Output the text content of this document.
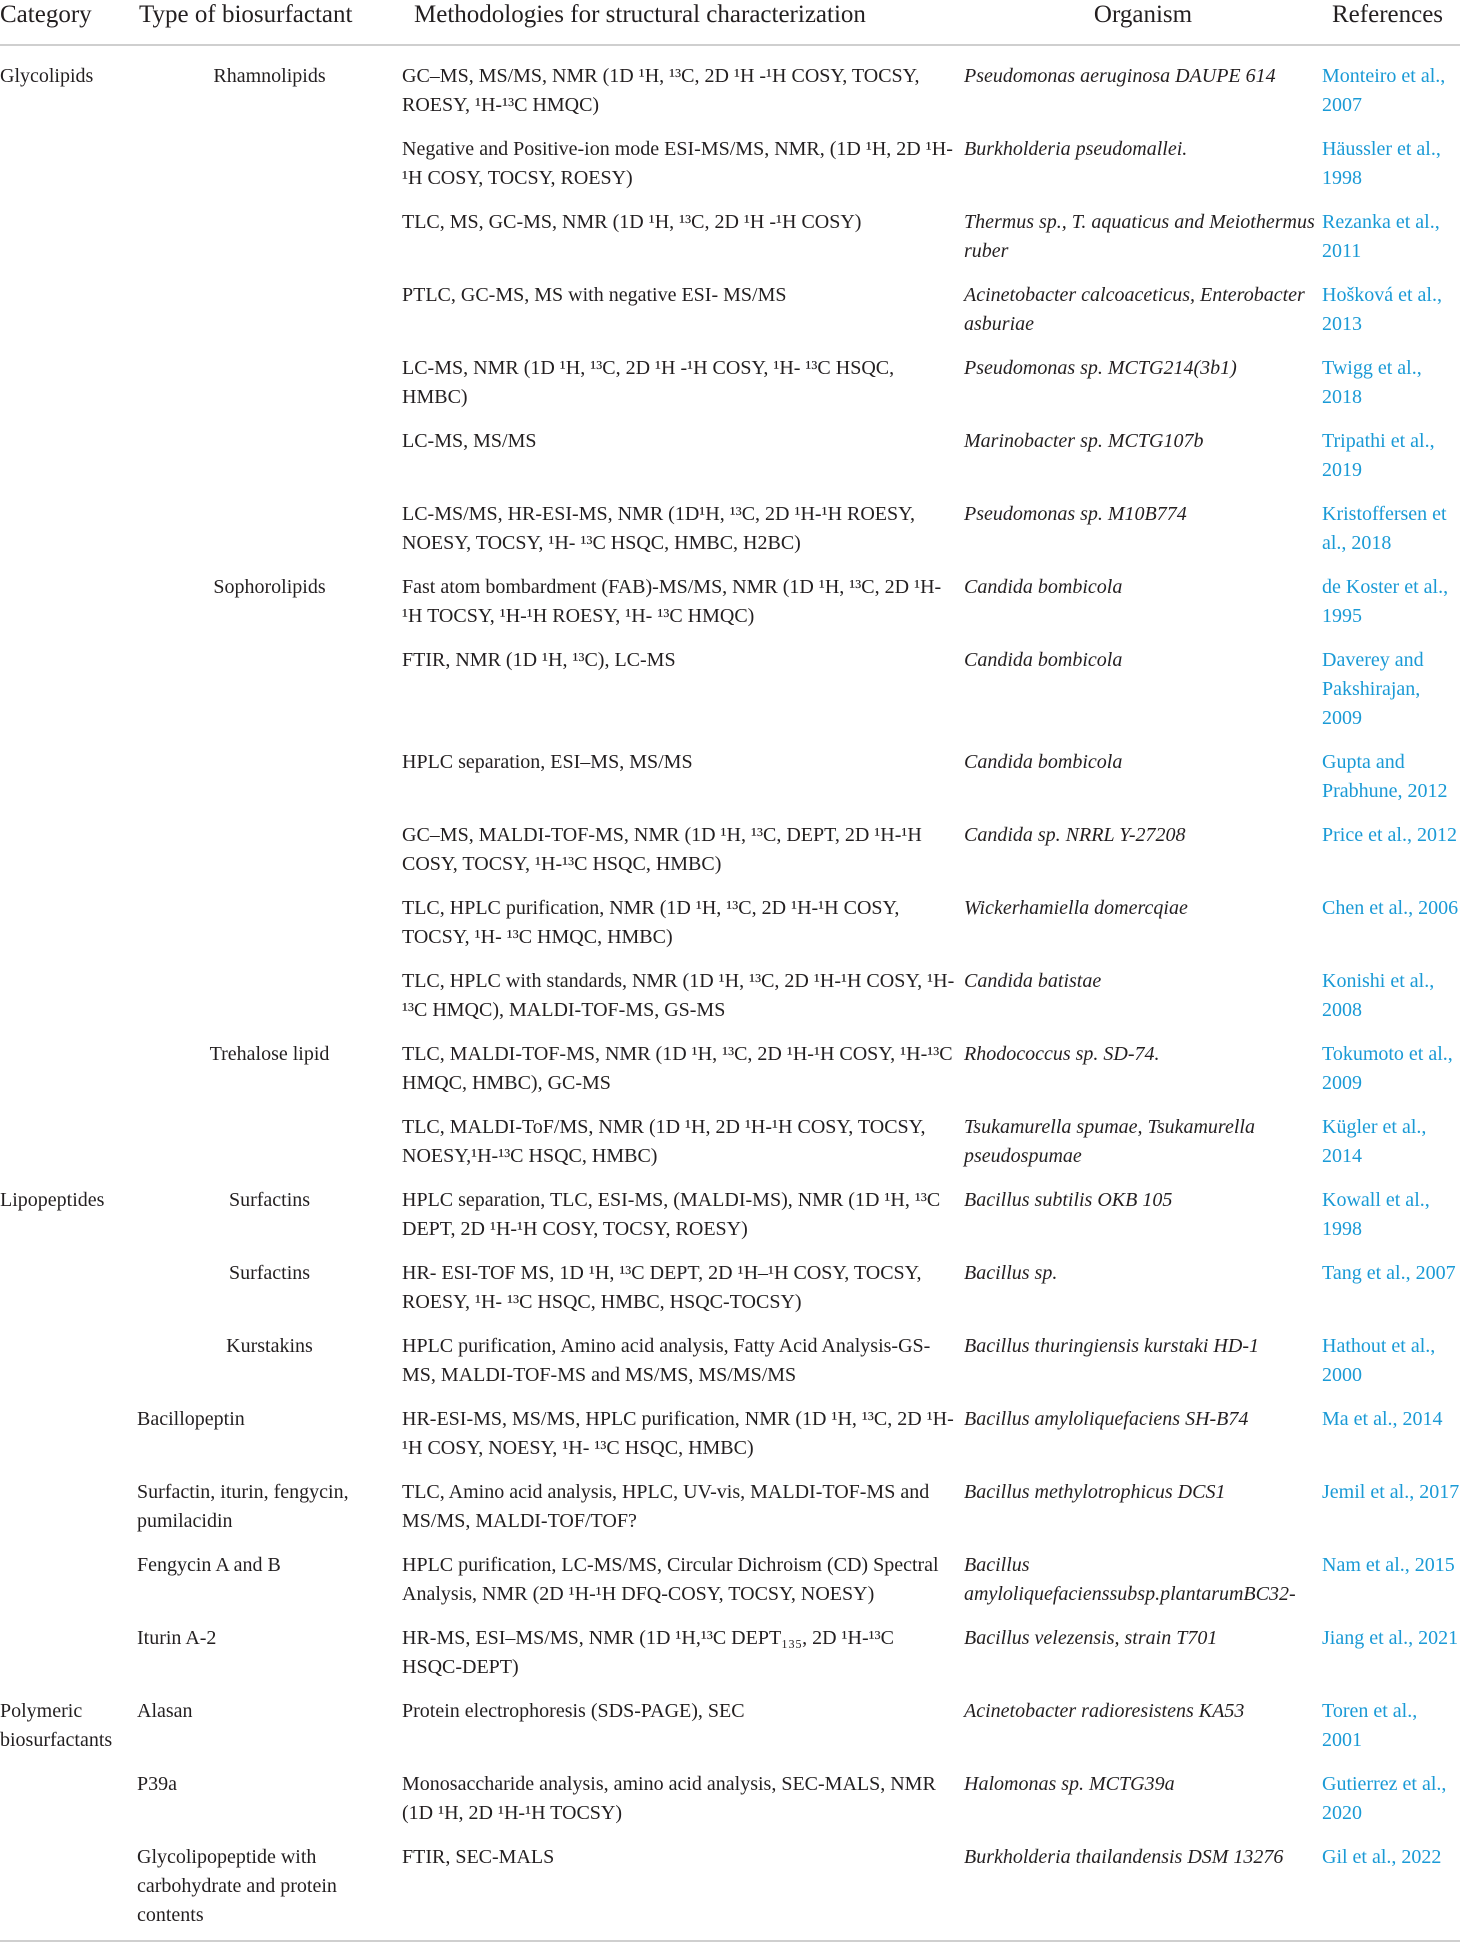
Category	Type of biosurfactant	Methodologies for structural characterization	Organism	References
Glycolipids	Rhamnolipids	GC–MS, MS/MS, NMR (1D ¹H, ¹³C, 2D ¹H -¹H COSY, TOCSY, ROESY, ¹H-¹³C HMQC)	Pseudomonas aeruginosa DAUPE 614	Monteiro et al., 2007
		Negative and Positive-ion mode ESI-MS/MS, NMR, (1D ¹H, 2D ¹H- ¹H COSY, TOCSY, ROESY)	Burkholderia pseudomallei.	Häussler et al., 1998
		TLC, MS, GC-MS, NMR (1D ¹H, ¹³C, 2D ¹H -¹H COSY)	Thermus sp., T. aquaticus and Meiothermus ruber	Rezanka et al., 2011
		PTLC, GC-MS, MS with negative ESI- MS/MS	Acinetobacter calcoaceticus, Enterobacter asburiae	Hošková et al., 2013
		LC-MS, NMR (1D ¹H, ¹³C, 2D ¹H -¹H COSY, ¹H- ¹³C HSQC, HMBC)	Pseudomonas sp. MCTG214(3b1)	Twigg et al., 2018
		LC-MS, MS/MS	Marinobacter sp. MCTG107b	Tripathi et al., 2019
		LC-MS/MS, HR-ESI-MS, NMR (1D¹H, ¹³C, 2D ¹H-¹H ROESY, NOESY, TOCSY, ¹H- ¹³C HSQC, HMBC, H2BC)	Pseudomonas sp. M10B774	Kristoffersen et al., 2018
	Sophorolipids	Fast atom bombardment (FAB)-MS/MS, NMR (1D ¹H, ¹³C, 2D ¹H-¹H TOCSY, ¹H-¹H ROESY, ¹H- ¹³C HMQC)	Candida bombicola	de Koster et al., 1995
		FTIR, NMR (1D ¹H, ¹³C), LC-MS	Candida bombicola	Daverey and Pakshirajan, 2009
		HPLC separation, ESI–MS, MS/MS	Candida bombicola	Gupta and Prabhune, 2012
		GC–MS, MALDI-TOF-MS, NMR (1D ¹H, ¹³C, DEPT, 2D ¹H-¹H COSY, TOCSY, ¹H-¹³C HSQC, HMBC)	Candida sp. NRRL Y-27208	Price et al., 2012
		TLC, HPLC purification, NMR (1D ¹H, ¹³C, 2D ¹H-¹H COSY, TOCSY, ¹H- ¹³C HMQC, HMBC)	Wickerhamiella domercqiae	Chen et al., 2006
		TLC, HPLC with standards, NMR (1D ¹H, ¹³C, 2D ¹H-¹H COSY, ¹H- ¹³C HMQC), MALDI-TOF-MS, GS-MS	Candida batistae	Konishi et al., 2008
	Trehalose lipid	TLC, MALDI-TOF-MS, NMR (1D ¹H, ¹³C, 2D ¹H-¹H COSY, ¹H-¹³C HMQC, HMBC), GC-MS	Rhodococcus sp. SD-74.	Tokumoto et al., 2009
		TLC, MALDI-ToF/MS, NMR (1D ¹H, 2D ¹H-¹H COSY, TOCSY, NOESY,¹H-¹³C HSQC, HMBC)	Tsukamurella spumae, Tsukamurella pseudospumae	Kügler et al., 2014
Lipopeptides	Surfactins	HPLC separation, TLC, ESI-MS, (MALDI-MS), NMR (1D ¹H, ¹³C DEPT, 2D ¹H-¹H COSY, TOCSY, ROESY)	Bacillus subtilis OKB 105	Kowall et al., 1998
	Surfactins	HR- ESI-TOF MS, 1D ¹H, ¹³C DEPT, 2D ¹H–¹H COSY, TOCSY, ROESY, ¹H- ¹³C HSQC, HMBC, HSQC-TOCSY)	Bacillus sp.	Tang et al., 2007
	Kurstakins	HPLC purification, Amino acid analysis, Fatty Acid Analysis-GS-MS, MALDI-TOF-MS and MS/MS, MS/MS/MS	Bacillus thuringiensis kurstaki HD-1	Hathout et al., 2000
	Bacillopeptin	HR-ESI-MS, MS/MS, HPLC purification, NMR (1D ¹H, ¹³C, 2D ¹H-¹H COSY, NOESY, ¹H- ¹³C HSQC, HMBC)	Bacillus amyloliquefaciens SH-B74	Ma et al., 2014
	Surfactin, iturin, fengycin, pumilacidin	TLC, Amino acid analysis, HPLC, UV-vis, MALDI-TOF-MS and MS/MS, MALDI-TOF/TOF?	Bacillus methylotrophicus DCS1	Jemil et al., 2017
	Fengycin A and B	HPLC purification, LC-MS/MS, Circular Dichroism (CD) Spectral Analysis, NMR (2D ¹H-¹H DFQ-COSY, TOCSY, NOESY)	Bacillus amyloliquefacienssubsp.plantarumBC32-	Nam et al., 2015
	Iturin A-2	HR-MS, ESI–MS/MS, NMR (1D ¹H,¹³C DEPT₁₃₅, 2D ¹H-¹³C HSQC-DEPT)	Bacillus velezensis, strain T701	Jiang et al., 2021
Polymeric biosurfactants	Alasan	Protein electrophoresis (SDS-PAGE), SEC	Acinetobacter radioresistens KA53	Toren et al., 2001
	P39a	Monosaccharide analysis, amino acid analysis, SEC-MALS, NMR (1D ¹H, 2D ¹H-¹H TOCSY)	Halomonas sp. MCTG39a	Gutierrez et al., 2020
	Glycolipopeptide with carbohydrate and protein contents	FTIR, SEC-MALS	Burkholderia thailandensis DSM 13276	Gil et al., 2022
